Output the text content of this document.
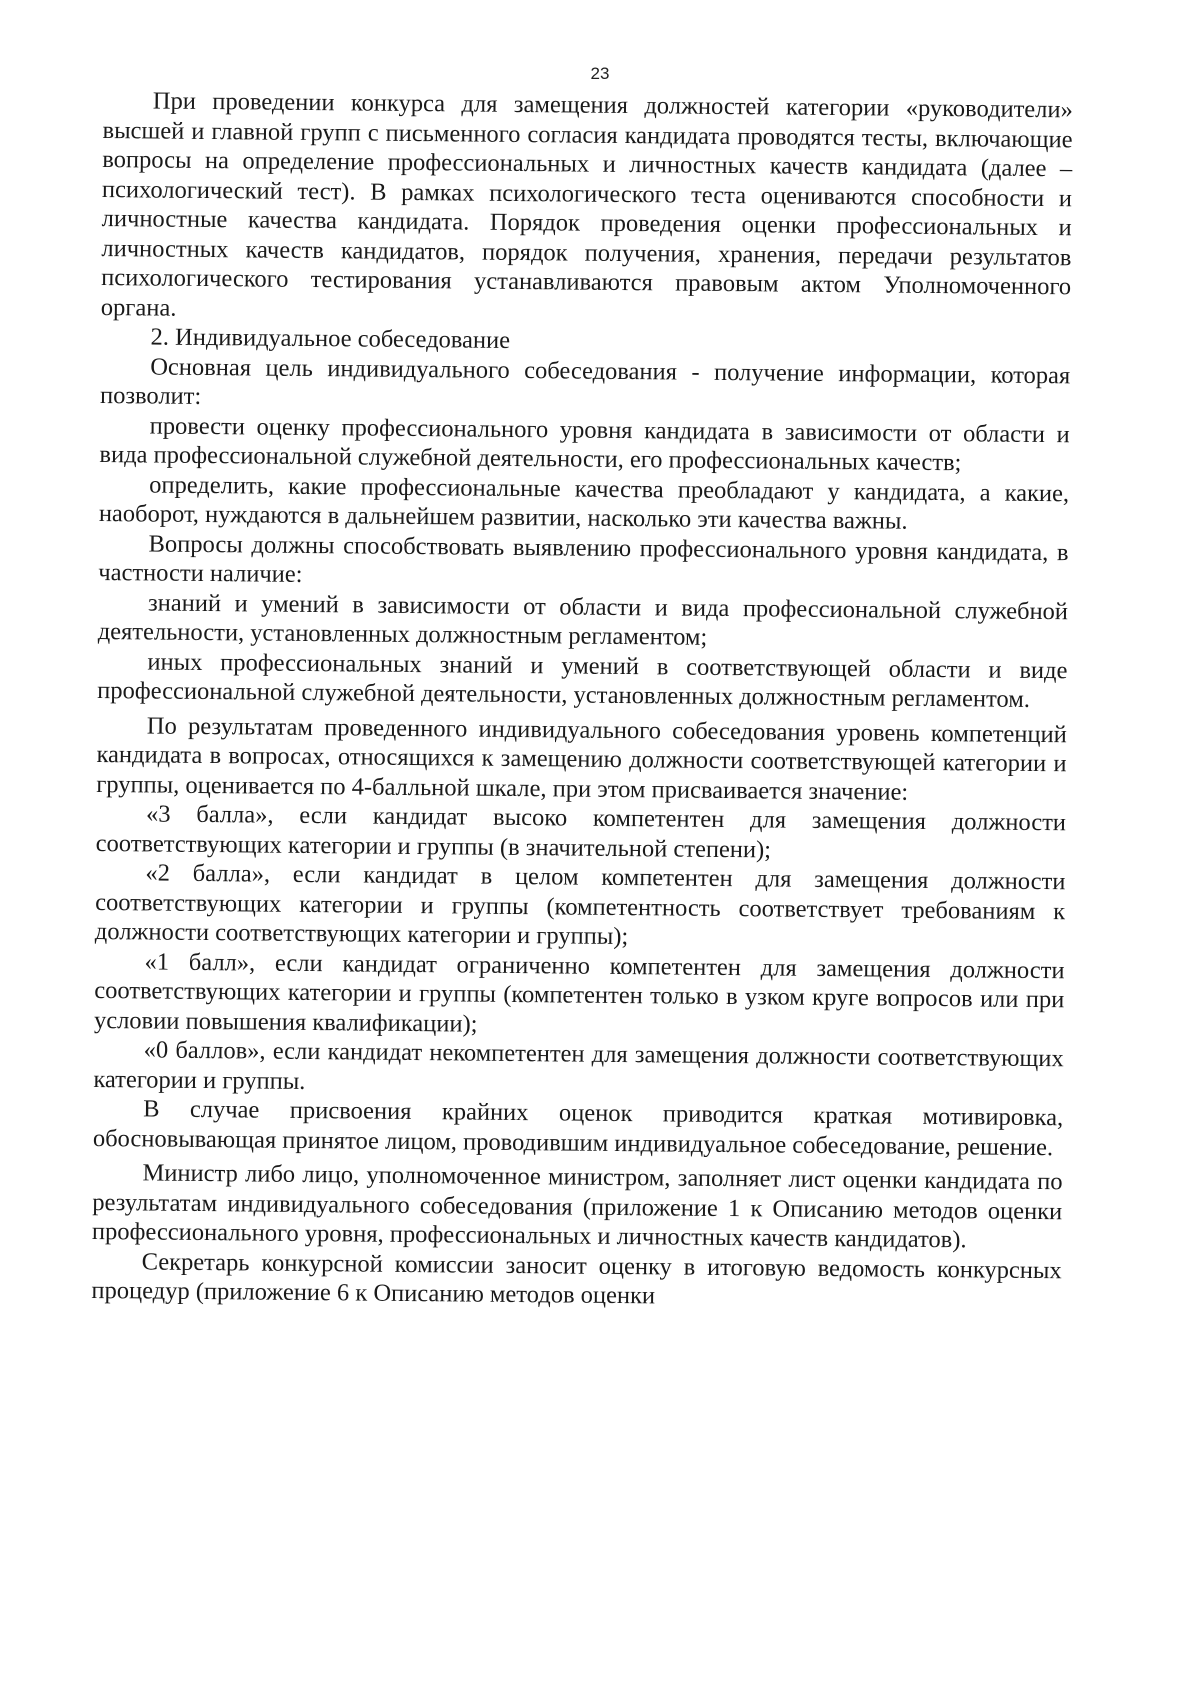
23

При проведении конкурса для замещения должностей категории «руководители» высшей и главной групп с письменного согласия кандидата проводятся тесты, включающие вопросы на определение профессиональных и личностных качеств кандидата (далее – психологический тест). В рамках психологического теста оцениваются способности и личностные качества кандидата. Порядок проведения оценки профессиональных и личностных качеств кандидатов, порядок получения, хранения, передачи результатов психологического тестирования устанавливаются правовым актом Уполномоченного органа.

2. Индивидуальное собеседование

Основная цель индивидуального собеседования - получение информации, которая позволит:

провести оценку профессионального уровня кандидата в зависимости от области и вида профессиональной служебной деятельности, его профессиональных качеств;

определить, какие профессиональные качества преобладают у кандидата, а какие, наоборот, нуждаются в дальнейшем развитии, насколько эти качества важны.

Вопросы должны способствовать выявлению профессионального уровня кандидата, в частности наличие:

знаний и умений в зависимости от области и вида профессиональной служебной деятельности, установленных должностным регламентом;

иных профессиональных знаний и умений в соответствующей области и виде профессиональной служебной деятельности, установленных должностным регламентом.

По результатам проведенного индивидуального собеседования уровень компетенций кандидата в вопросах, относящихся к замещению должности соответствующей категории и группы, оценивается по 4-балльной шкале, при этом присваивается значение:

«3 балла», если кандидат высоко компетентен для замещения должности соответствующих категории и группы (в значительной степени);

«2 балла», если кандидат в целом компетентен для замещения должности соответствующих категории и группы (компетентность соответствует требованиям к должности соответствующих категории и группы);

«1 балл», если кандидат ограниченно компетентен для замещения должности соответствующих категории и группы (компетентен только в узком круге вопросов или при условии повышения квалификации);

«0 баллов», если кандидат некомпетентен для замещения должности соответствующих категории и группы.

В случае присвоения крайних оценок приводится краткая мотивировка, обосновывающая принятое лицом, проводившим индивидуальное собеседование, решение.

Министр либо лицо, уполномоченное министром, заполняет лист оценки кандидата по результатам индивидуального собеседования (приложение 1 к Описанию методов оценки профессионального уровня, профессиональных и личностных качеств кандидатов).

Секретарь конкурсной комиссии заносит оценку в итоговую ведомость конкурсных процедур (приложение 6 к Описанию методов оценки
